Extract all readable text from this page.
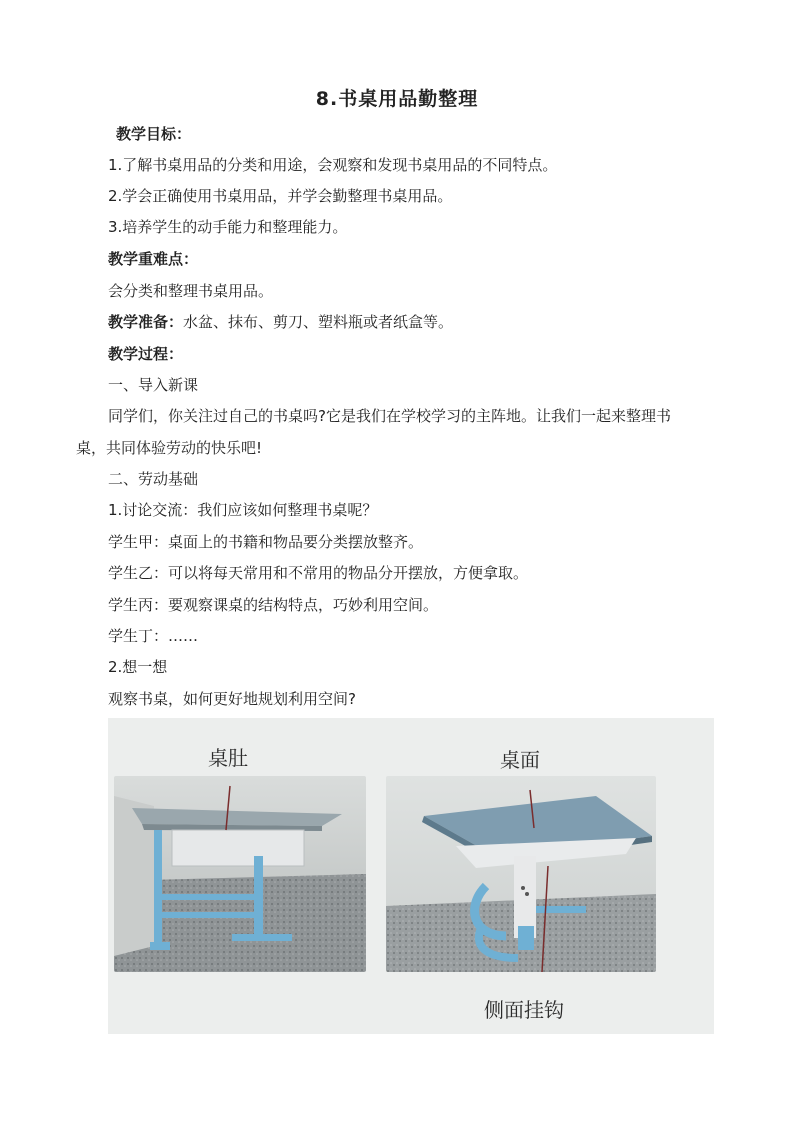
8.书桌用品勤整理
教学目标：
1.了解书桌用品的分类和用途，会观察和发现书桌用品的不同特点。
2.学会正确使用书桌用品，并学会勤整理书桌用品。
3.培养学生的动手能力和整理能力。
教学重难点：
会分类和整理书桌用品。
教学准备：水盆、抹布、剪刀、塑料瓶或者纸盒等。
教学过程：
一、导入新课
同学们，你关注过自己的书桌吗?它是我们在学校学习的主阵地。让我们一起来整理书
桌，共同体验劳动的快乐吧!
二、劳动基础
1.讨论交流：我们应该如何整理书桌呢？
学生甲：桌面上的书籍和物品要分类摆放整齐。
学生乙：可以将每天常用和不常用的物品分开摆放，方便拿取。
学生丙：要观察课桌的结构特点，巧妙利用空间。
学生丁：……
2.想一想
观察书桌，如何更好地规划利用空间?
桌肚	桌面
侧面挂钩
